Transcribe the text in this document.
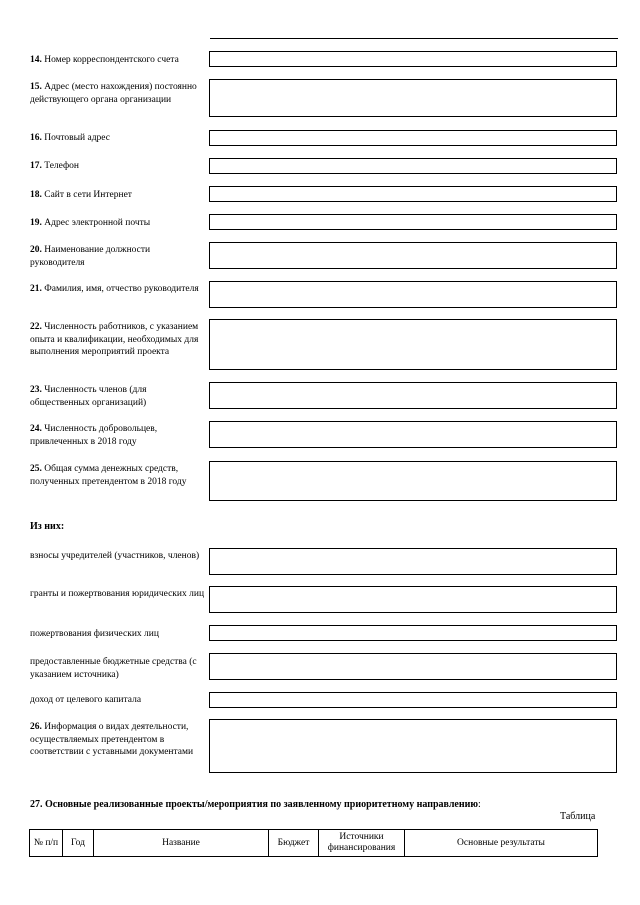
14. Номер корреспондентского счета
15. Адрес (место нахождения) постоянно действующего органа организации
16. Почтовый адрес
17. Телефон
18. Сайт в сети Интернет
19. Адрес электронной почты
20. Наименование должности руководителя
21. Фамилия, имя, отчество руководителя
22. Численность работников, с указанием опыта и квалификации, необходимых для выполнения мероприятий проекта
23. Численность членов (для общественных организаций)
24. Численность добровольцев, привлеченных в 2018 году
25. Общая сумма денежных средств, полученных претендентом в 2018 году
Из них:
взносы учредителей (участников, членов)
гранты и пожертвования юридических лиц
пожертвования физических лиц
предоставленные бюджетные средства (с указанием источника)
доход от целевого капитала
26. Информация о видах деятельности, осуществляемых претендентом в соответствии с уставными документами
27. Основные реализованные проекты/мероприятия по заявленному приоритетному направлению:
Таблица
№ п/п	Год	Название	Бюджет	Источники финансирования	Основные результаты
